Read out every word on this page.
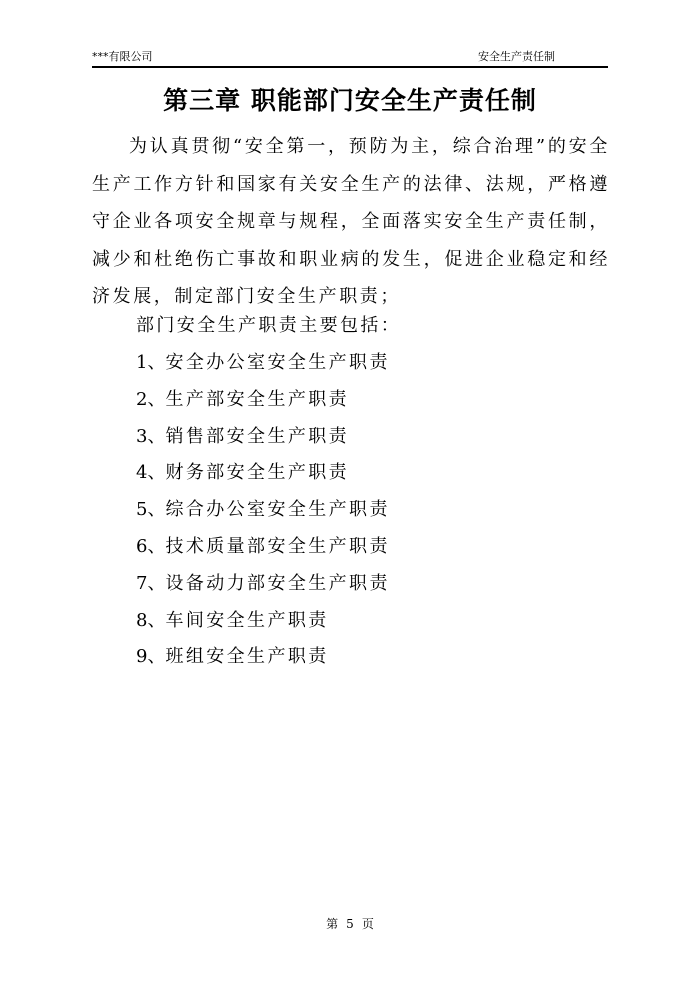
***有限公司	安全生产责任制
第三章 职能部门安全生产责任制

为认真贯彻“安全第一，预防为主，综合治理”的安全生产工作方针和国家有关安全生产的法律、法规，严格遵守企业各项安全规章与规程，全面落实安全生产责任制，减少和杜绝伤亡事故和职业病的发生，促进企业稳定和经济发展，制定部门安全生产职责；

部门安全生产职责主要包括：

1、安全办公室安全生产职责
2、生产部安全生产职责
3、销售部安全生产职责
4、财务部安全生产职责
5、综合办公室安全生产职责
6、技术质量部安全生产职责
7、设备动力部安全生产职责
8、车间安全生产职责
9、班组安全生产职责
第 5 页
